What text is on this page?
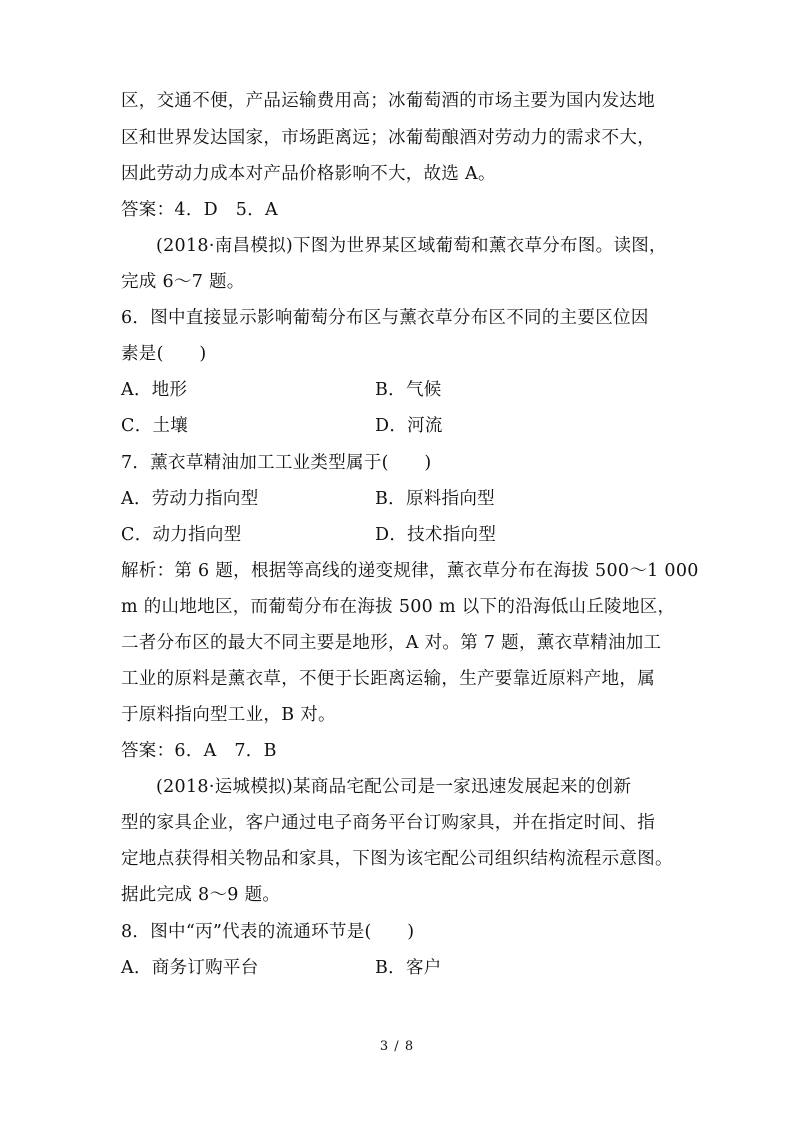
区，交通不便，产品运输费用高；冰葡萄酒的市场主要为国内发达地
区和世界发达国家，市场距离远；冰葡萄酿酒对劳动力的需求不大，
因此劳动力成本对产品价格影响不大，故选 A。
答案：4．D　5．A
(2018·南昌模拟)下图为世界某区域葡萄和薰衣草分布图。读图，
完成 6～7 题。
6．图中直接显示影响葡萄分布区与薰衣草分布区不同的主要区位因
素是(　　)
A．地形	B．气候
C．土壤	D．河流
7．薰衣草精油加工工业类型属于(　　)
A．劳动力指向型	B．原料指向型
C．动力指向型	D．技术指向型
解析：第 6 题，根据等高线的递变规律，薰衣草分布在海拔 500～1 000
m 的山地地区，而葡萄分布在海拔 500 m 以下的沿海低山丘陵地区，
二者分布区的最大不同主要是地形，A 对。第 7 题，薰衣草精油加工
工业的原料是薰衣草，不便于长距离运输，生产要靠近原料产地，属
于原料指向型工业，B 对。
答案：6．A　7．B
(2018·运城模拟)某商品宅配公司是一家迅速发展起来的创新
型的家具企业，客户通过电子商务平台订购家具，并在指定时间、指
定地点获得相关物品和家具，下图为该宅配公司组织结构流程示意图。
据此完成 8～9 题。
8．图中“丙”代表的流通环节是(　　)
A．商务订购平台	B．客户
3 / 8
